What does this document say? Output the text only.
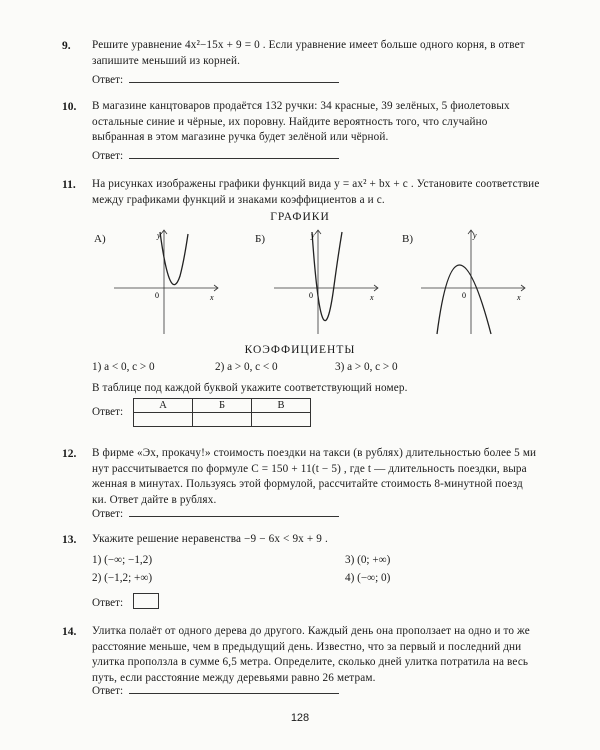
9. Решите уравнение 4x²−15x + 9 = 0 . Если уравнение имеет больше одного корня, в ответ
запишите меньший из корней.
Ответ:
10. В магазине канцтоваров продаётся 132 ручки: 34 красные, 39 зелёных, 5 фиолетовых
остальные синие и чёрные, их поровну. Найдите вероятность того, что случайно
выбранная в этом магазине ручка будет зелёной или чёрной.
Ответ:
11. На рисунках изображены графики функций вида y = ax² + bx + c . Установите соответствие
между графиками функций и знаками коэффициентов a и c.
ГРАФИКИ
А)	y
x
0
Б)	y
x
0
В)	y
x
0
КОЭФФИЦИЕНТЫ
1) a < 0, c > 0	2) a > 0, c < 0	3) a > 0, c > 0
В таблице под каждой буквой укажите соответствующий номер.
Ответ:
А	Б	В

12. В фирме «Эх, прокачу!» стоимость поездки на такси (в рублях) длительностью более 5 ми
нут рассчитывается по формуле C = 150 + 11(t − 5) , где t — длительность поездки, выра
женная в минутах. Пользуясь этой формулой, рассчитайте стоимость 8-минутной поезд
ки. Ответ дайте в рублях.
Ответ:
13. Укажите решение неравенства −9 − 6x < 9x + 9 .
1) (−∞; −1,2)
2) (−1,2; +∞)
3) (0; +∞)
4) (−∞; 0)
Ответ:
14. Улитка полаёт от одного дерева до другого. Каждый день она проползает на одно и то же
расстояние меньше, чем в предыдущий день. Известно, что за первый и последний дни
улитка проползла в сумме 6,5 метра. Определите, сколько дней улитка потратила на весь
путь, если расстояние между деревьями равно 26 метрам.
Ответ:
128
